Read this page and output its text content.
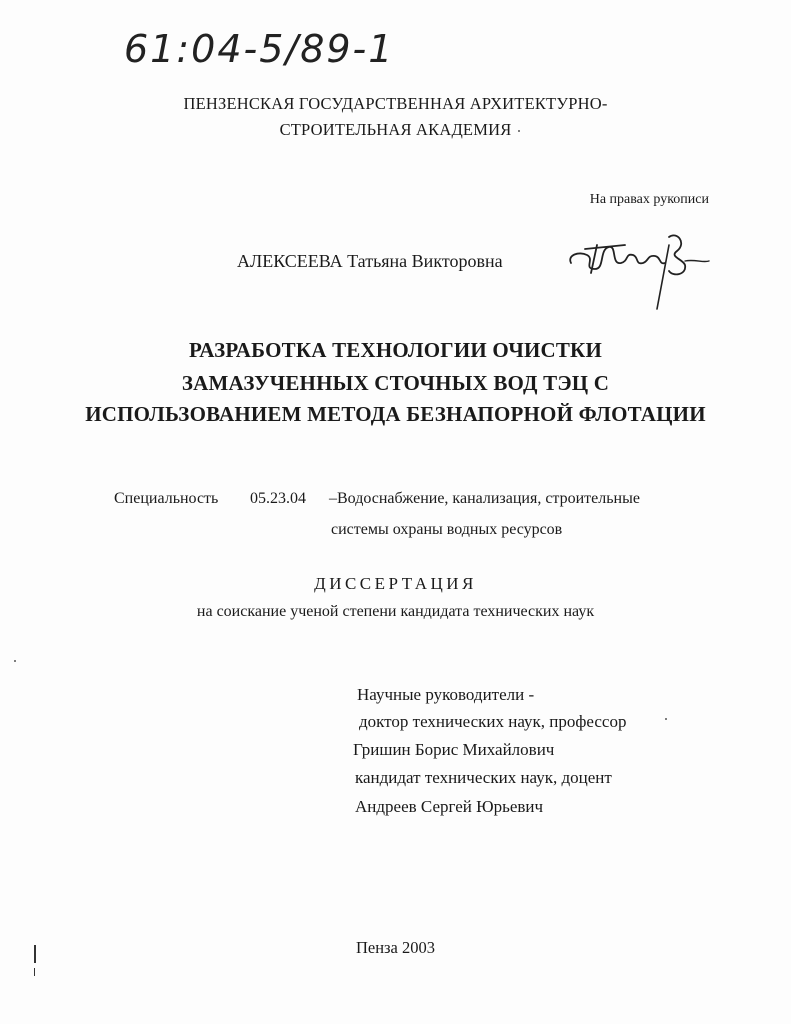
61:04-5/89-1

ПЕНЗЕНСКАЯ ГОСУДАРСТВЕННАЯ АРХИТЕКТУРНО-

СТРОИТЕЛЬНАЯ АКАДЕМИЯ

На правах рукописи

АЛЕКСЕЕВА Татьяна Викторовна

РАЗРАБОТКА ТЕХНОЛОГИИ ОЧИСТКИ

ЗАМАЗУЧЕННЫХ СТОЧНЫХ ВОД ТЭЦ С

ИСПОЛЬЗОВАНИЕМ МЕТОДА БЕЗНАПОРНОЙ ФЛОТАЦИИ

Специальность 05.23.04 –Водоснабжение, канализация, строительные

системы охраны водных ресурсов

ДИССЕРТАЦИЯ

на соискание ученой степени кандидата технических наук

Научные руководители -

доктор технических наук, профессор

Гришин Борис Михайлович

кандидат технических наук, доцент

Андреев Сергей Юрьевич

Пенза 2003
